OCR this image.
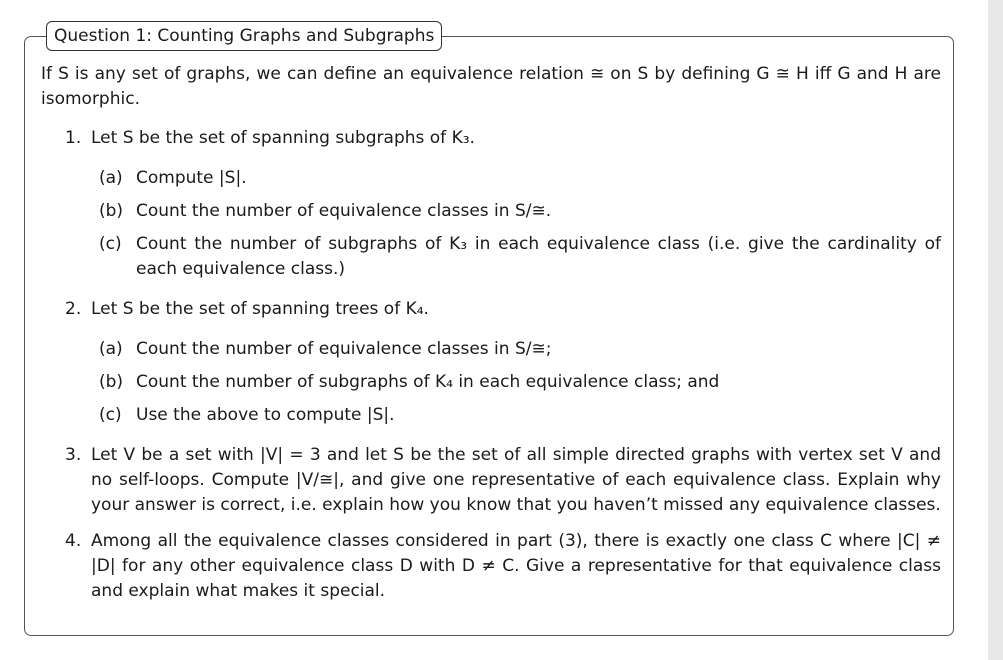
Question 1: Counting Graphs and Subgraphs

If S is any set of graphs, we can define an equivalence relation ≅ on S by defining G ≅ H iff G and H are isomorphic.

1. Let S be the set of spanning subgraphs of K₃.
(a) Compute |S|.
(b) Count the number of equivalence classes in S/≅.
(c) Count the number of subgraphs of K₃ in each equivalence class (i.e. give the cardinality of each equivalence class.)
2. Let S be the set of spanning trees of K₄.
(a) Count the number of equivalence classes in S/≅;
(b) Count the number of subgraphs of K₄ in each equivalence class; and
(c) Use the above to compute |S|.
3. Let V be a set with |V| = 3 and let S be the set of all simple directed graphs with vertex set V and no self-loops. Compute |V/≅|, and give one representative of each equivalence class. Explain why your answer is correct, i.e. explain how you know that you haven’t missed any equivalence classes.
4. Among all the equivalence classes considered in part (3), there is exactly one class C where |C| ≠ |D| for any other equivalence class D with D ≠ C. Give a representative for that equivalence class and explain what makes it special.
